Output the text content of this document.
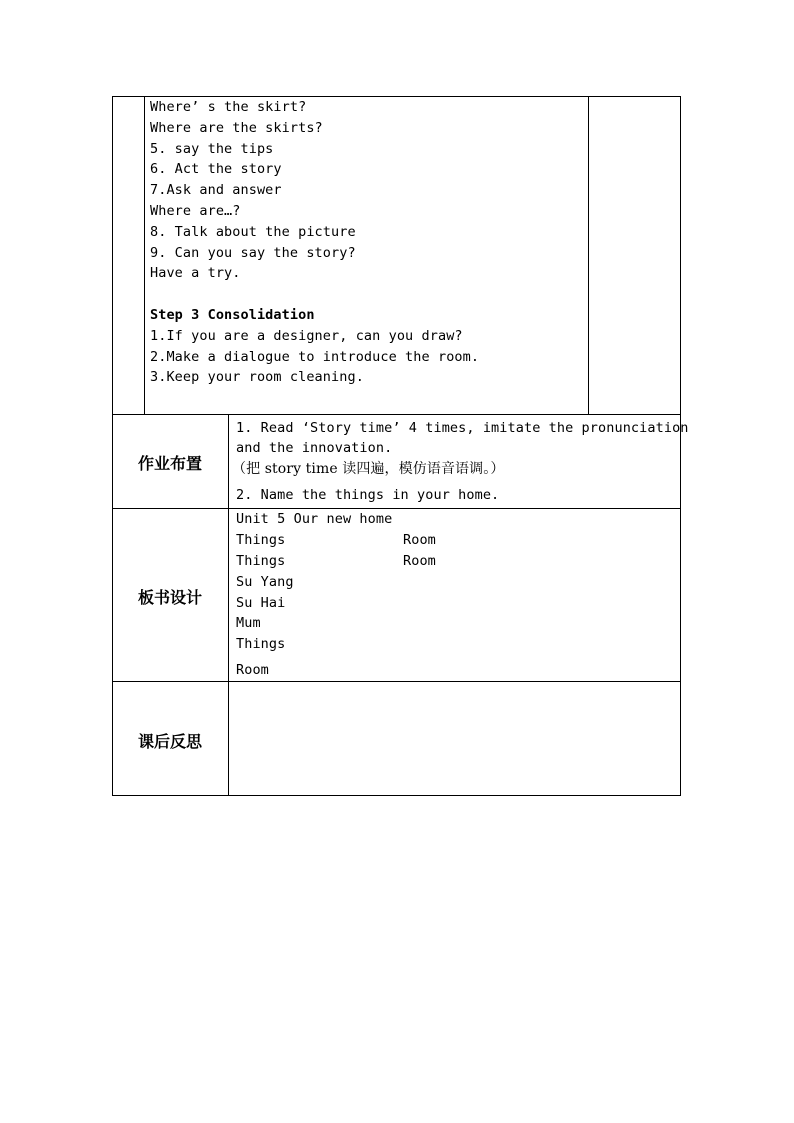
Where’ s the skirt?
Where are the skirts?
5. say the tips
6. Act the story
7.Ask and answer
Where are…?
8. Talk about the picture
9. Can you say the story?
Have a try.
Step 3 Consolidation
1.If you are a designer, can you draw?
2.Make a dialogue to introduce the room.
3.Keep your room cleaning.
作业布置
1. Read ‘Story time’ 4 times, imitate the pronunciation
and the innovation.
（把 story time 读四遍，模仿语音语调。）
2. Name the things in your home.
板书设计
Unit 5 Our new home
Things	Room
Things	Room
Su Yang
Su Hai
Mum
Things
Room
课后反思
